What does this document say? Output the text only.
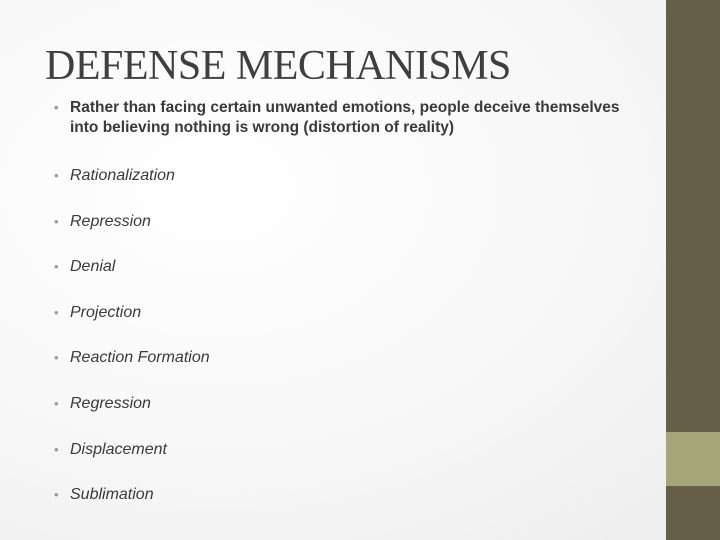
DEFENSE MECHANISMS
• Rather than facing certain unwanted emotions, people deceive themselves into believing nothing is wrong (distortion of reality)
• Rationalization
• Repression
• Denial
• Projection
• Reaction Formation
• Regression
• Displacement
• Sublimation
